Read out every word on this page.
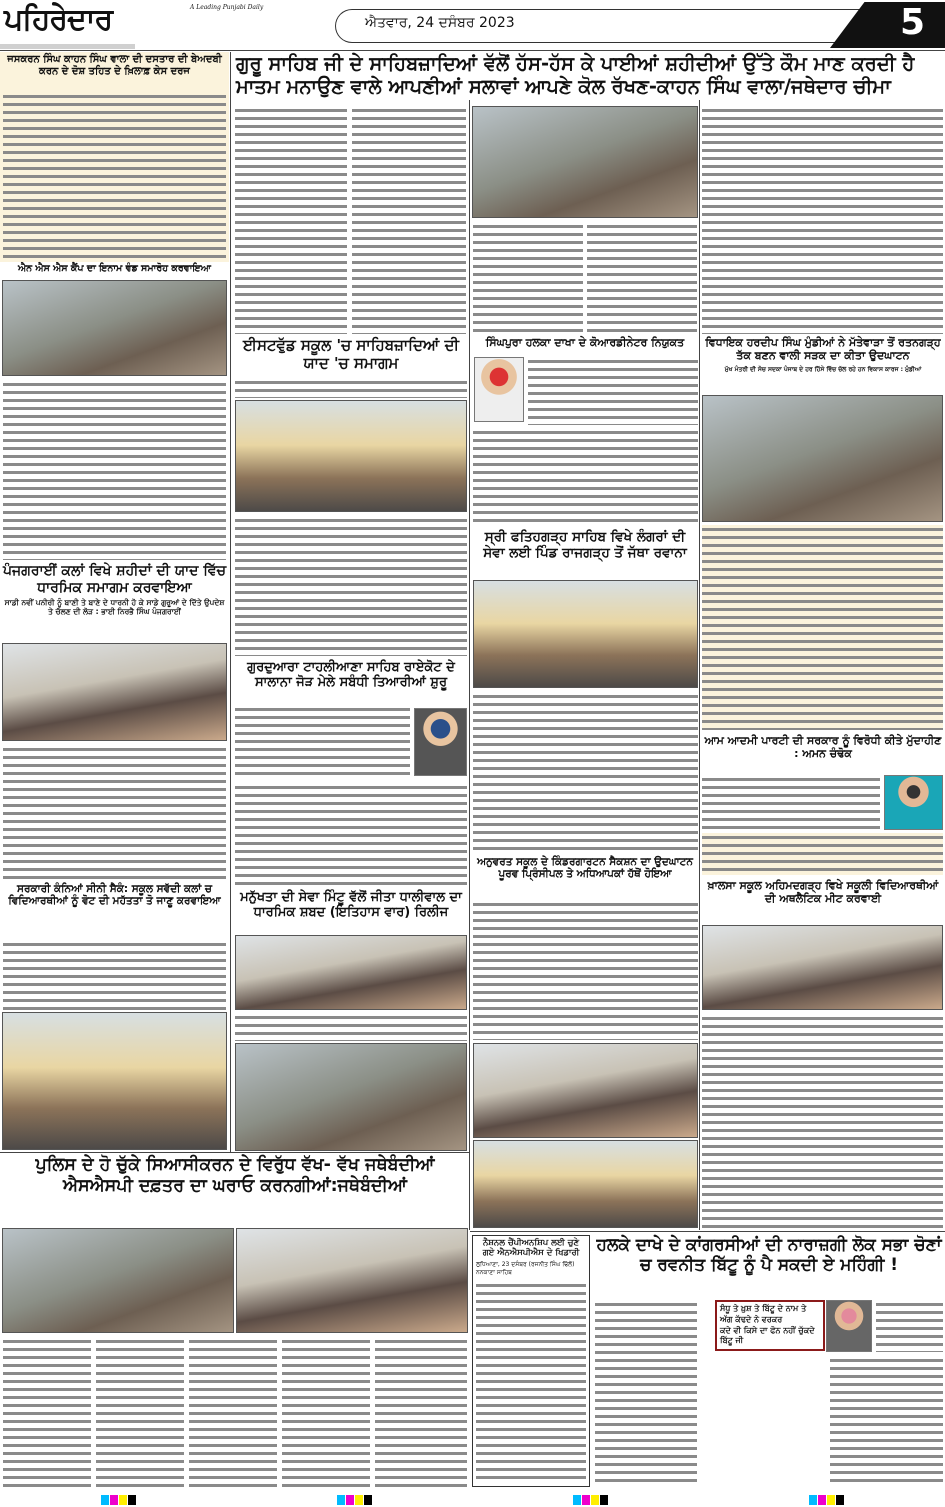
ਪਹਿਰੇਦਾਰ	A Leading Punjabi Daily
ਐਤਵਾਰ, 24 ਦਸੰਬਰ 2023	5
ਗੁਰੂ ਸਾਹਿਬ ਜੀ ਦੇ ਸਾਹਿਬਜ਼ਾਦਿਆਂ ਵੱਲੋਂ ਹੱਸ-ਹੱਸ ਕੇ ਪਾਈਆਂ ਸ਼ਹੀਦੀਆਂ ਉੱਤੇ ਕੌਮ ਮਾਣ ਕਰਦੀ ਹੈ
ਮਾਤਮ ਮਨਾਉਣ ਵਾਲੇ ਆਪਣੀਆਂ ਸਲਾਵਾਂ ਆਪਣੇ ਕੋਲ ਰੱਖਣ-ਕਾਹਨ ਸਿੰਘ ਵਾਲਾ/ਜਥੇਦਾਰ ਚੀਮਾ
ਜਸਕਰਨ ਸਿੰਘ ਕਾਹਨ ਸਿੰਘ ਵਾਲਾ ਦੀ ਦਸਤਾਰ ਦੀ ਬੇਅਦਬੀ ਕਰਨ ਦੇ ਦੋਸ਼ ਤਹਿਤ ਦੇ ਖ਼ਿਲਾਫ਼ ਕੇਸ ਦਰਜ
ਐਨ ਐਸ ਐਸ ਕੈਂਪ ਦਾ ਇਨਾਮ ਵੰਡ ਸਮਾਰੋਹ ਕਰਵਾਇਆ
ਪੰਜਗਰਾਈਂ ਕਲਾਂ ਵਿਖੇ ਸ਼ਹੀਦਾਂ ਦੀ ਯਾਦ ਵਿੱਚ ਧਾਰਮਿਕ ਸਮਾਗਮ ਕਰਵਾਇਆ
ਸਾਡੀ ਨਵੀਂ ਪਨੀਰੀ ਨੂੰ ਬਾਣੀ ਤੇ ਬਾਣੇ ਦੇ ਧਾਰਨੀ ਹੋ ਕੇ ਸਾਡੇ ਗੁਰੂਆਂ ਦੇ ਦਿੱਤੇ ਉਪਦੇਸ਼ ਤੇ ਚੱਲਣ ਦੀ ਲੋੜ : ਭਾਈ ਨਿਰਭੈ ਸਿੰਘ ਪੰਜਗਰਾਈਂ
ਸਰਕਾਰੀ ਕੰਨਿਆਂ ਸੀਨੀ ਸੈਕੰ: ਸਕੂਲ ਸਵੱਦੀ ਕਲਾਂ ਚ ਵਿਦਿਆਰਥੀਆਂ ਨੂੰ ਵੋਟ ਦੀ ਮਹੱਤਤਾ ਤੋ ਜਾਣੂ ਕਰਵਾਇਆ
ਈਸਟਵੁੱਡ ਸਕੂਲ 'ਚ ਸਾਹਿਬਜ਼ਾਦਿਆਂ ਦੀ ਯਾਦ 'ਚ ਸਮਾਗਮ
ਗੁਰਦੁਆਰਾ ਟਾਹਲੀਆਣਾ ਸਾਹਿਬ ਰਾਏਕੋਟ ਦੇ ਸਾਲਾਨਾ ਜੋੜ ਮੇਲੇ ਸਬੰਧੀ ਤਿਆਰੀਆਂ ਸ਼ੁਰੂ
ਮਨੁੱਖਤਾ ਦੀ ਸੇਵਾ ਮਿੰਟੂ ਵੱਲੋਂ ਜੀਤਾ ਧਾਲੀਵਾਲ ਦਾ ਧਾਰਮਿਕ ਸ਼ਬਦ (ਇਤਿਹਾਸ ਵਾਰ) ਰਿਲੀਜ
ਸਿੰਘਪੁਰਾ ਹਲਕਾ ਦਾਖਾ ਦੇ ਕੋਆਰਡੀਨੇਟਰ ਨਿਯੁਕਤ
ਸ੍ਰੀ ਫਤਿਹਗੜ੍ਹ ਸਾਹਿਬ ਵਿਖੇ ਲੰਗਰਾਂ ਦੀ ਸੇਵਾ ਲਈ ਪਿੰਡ ਰਾਜਗੜ੍ਹ ਤੋਂ ਜੱਥਾ ਰਵਾਨਾ
ਅਨੁਵਰਤ ਸਕੂਲ ਦੇ ਕਿੰਡਰਗਾਰਟਨ ਸੈਕਸ਼ਨ ਦਾ ਉਦਘਾਟਨ ਪੂਰਵ ਪ੍ਰਿੰਸੀਪਲ ਤੇ ਅਧਿਆਪਕਾਂ ਹੱਥੋਂ ਹੋਇਆ
ਵਿਧਾਇਕ ਹਰਦੀਪ ਸਿੰਘ ਮੁੰਡੀਆਂ ਨੇ ਮੱਤੇਵਾੜਾ ਤੋਂ ਰਤਨਗੜ੍ਹ ਤੱਕ ਬਣਨ ਵਾਲੀ ਸੜਕ ਦਾ ਕੀਤਾ ਉਦਘਾਟਨ
ਮੁੱਖ ਮੰਤਰੀ ਦੀ ਸੋਚ ਸਦਕਾ ਪੰਜਾਬ ਦੇ ਹਰ ਹਿੱਸੇ ਵਿੱਚ ਚੱਲ ਰਹੇ ਹਨ ਵਿਕਾਸ ਕਾਰਜ : ਮੁੰਡੀਆਂ
ਆਮ ਆਦਮੀ ਪਾਰਟੀ ਦੀ ਸਰਕਾਰ ਨੂੰ ਵਿਰੋਧੀ ਕੀਤੇ ਮੁੱਦਾਹੀਣ : ਅਮਨ ਚੰਢੋਕ
ਖ਼ਾਲਸਾ ਸਕੂਲ ਅਹਿਮਦਗੜ੍ਹ ਵਿਖੇ ਸਕੂਲੀ ਵਿਦਿਆਰਥੀਆਂ ਦੀ ਅਥਲੈਟਿਕ ਮੀਟ ਕਰਵਾਈ
ਪੁਲਿਸ ਦੇ ਹੋ ਚੁੱਕੇ ਸਿਆਸੀਕਰਨ ਦੇ ਵਿਰੁੱਧ ਵੱਖ- ਵੱਖ ਜਥੇਬੰਦੀਆਂ ਐਸਐਸਪੀ ਦਫ਼ਤਰ ਦਾ ਘਰਾਓ ਕਰਨਗੀਆਂ:ਜਥੇਬੰਦੀਆਂ
ਨੈਸ਼ਨਲ ਚੈਂਪੀਅਨਸ਼ਿਪ ਲਈ ਚੁਣੇ ਗਏ ਐਨਐਸਪੀਐਸ ਦੇ ਖਿਡਾਰੀ
ਲੁਧਿਆਣਾ, 23 ਦਸੰਬਰ (ਰਜਨੀਤ ਸਿੰਘ ਢਿੱਲੋਂ) ਨਨਕਾਣਾ ਸਾਹਿਬ
ਹਲਕੇ ਦਾਖੇ ਦੇ ਕਾਂਗਰਸੀਆਂ ਦੀ ਨਾਰਾਜ਼ਗੀ ਲੋਕ ਸਭਾ ਚੋਣਾਂ ਚ ਰਵਨੀਤ ਬਿੱਟੂ ਨੂੰ ਪੈ ਸਕਦੀ ਏ ਮਹਿੰਗੀ !
ਸੰਧੂ ਤੇ ਖ਼ੁਸ਼ ਤੇ ਬਿੱਟੂ ਦੇ ਨਾਮ ਤੇ ਅੱਗ ਕੱਢਦੇ ਨੇ ਵਰਕਰ
ਕਦੇ ਵੀ ਕਿਸੇ ਦਾ ਫੋਨ ਨਹੀਂ ਚੁੱਕਦੇ ਬਿੱਟੂ ਜੀ
